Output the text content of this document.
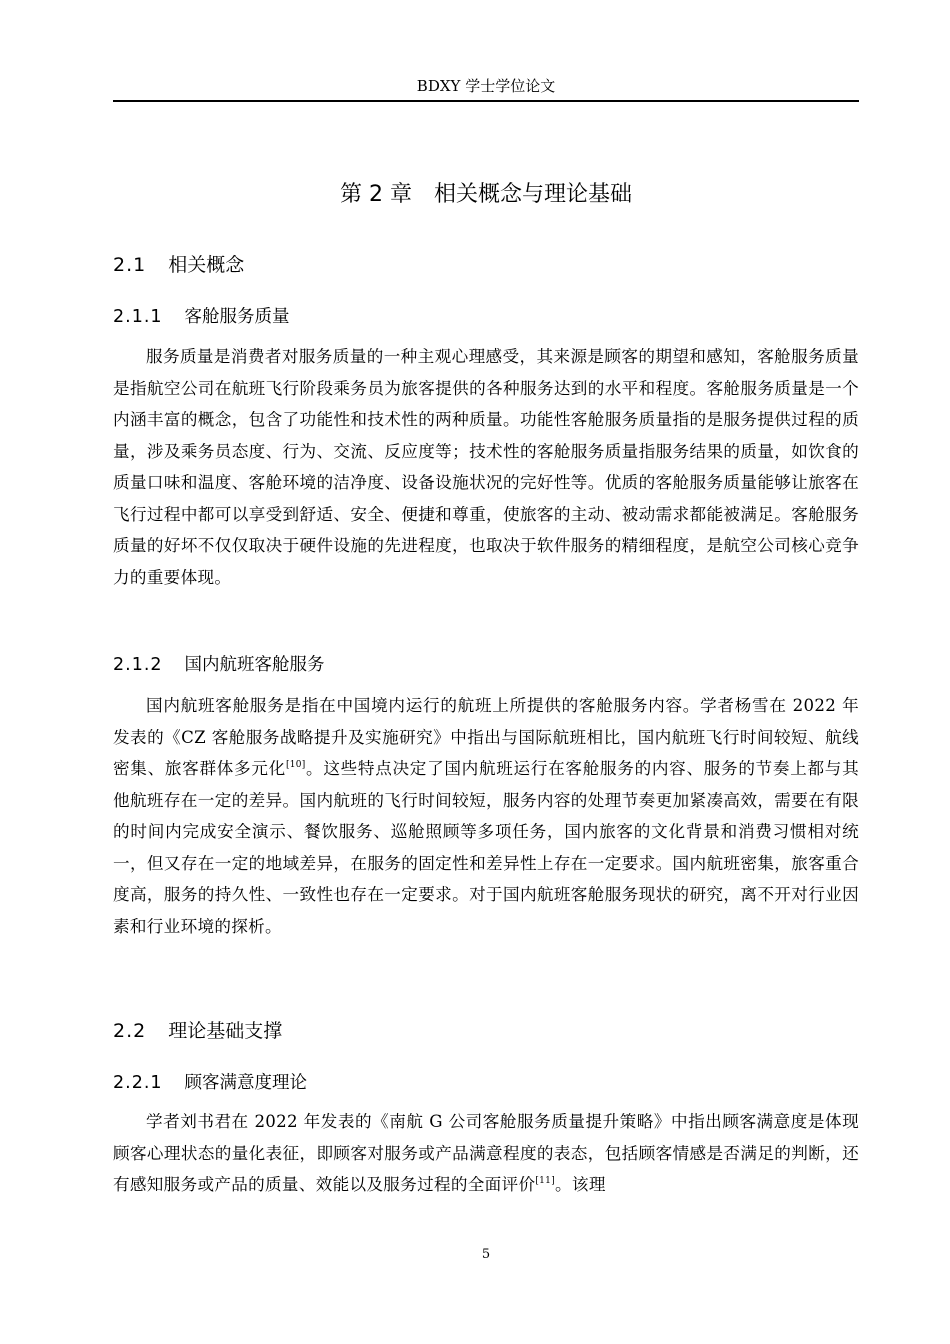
BDXY 学士学位论文
第 2 章 相关概念与理论基础
2.1 相关概念
2.1.1 客舱服务质量

服务质量是消费者对服务质量的一种主观心理感受，其来源是顾客的期望和感知，客舱服务质量是指航空公司在航班飞行阶段乘务员为旅客提供的各种服务达到的水平和程度。客舱服务质量是一个内涵丰富的概念，包含了功能性和技术性的两种质量。功能性客舱服务质量指的是服务提供过程的质量，涉及乘务员态度、行为、交流、反应度等；技术性的客舱服务质量指服务结果的质量，如饮食的质量口味和温度、客舱环境的洁净度、设备设施状况的完好性等。优质的客舱服务质量能够让旅客在飞行过程中都可以享受到舒适、安全、便捷和尊重，使旅客的主动、被动需求都能被满足。客舱服务质量的好坏不仅仅取决于硬件设施的先进程度，也取决于软件服务的精细程度，是航空公司核心竞争力的重要体现。

2.1.2 国内航班客舱服务

国内航班客舱服务是指在中国境内运行的航班上所提供的客舱服务内容。学者杨雪在 2022 年发表的《CZ 客舱服务战略提升及实施研究》中指出与国际航班相比，国内航班飞行时间较短、航线密集、旅客群体多元化[10]。这些特点决定了国内航班运行在客舱服务的内容、服务的节奏上都与其他航班存在一定的差异。国内航班的飞行时间较短，服务内容的处理节奏更加紧凑高效，需要在有限的时间内完成安全演示、餐饮服务、巡舱照顾等多项任务，国内旅客的文化背景和消费习惯相对统一，但又存在一定的地域差异，在服务的固定性和差异性上存在一定要求。国内航班密集，旅客重合度高，服务的持久性、一致性也存在一定要求。对于国内航班客舱服务现状的研究，离不开对行业因素和行业环境的探析。

2.2 理论基础支撑
2.2.1 顾客满意度理论

学者刘书君在 2022 年发表的《南航 G 公司客舱服务质量提升策略》中指出顾客满意度是体现顾客心理状态的量化表征，即顾客对服务或产品满意程度的表态，包括顾客情感是否满足的判断，还有感知服务或产品的质量、效能以及服务过程的全面评价[11]。该理

5
